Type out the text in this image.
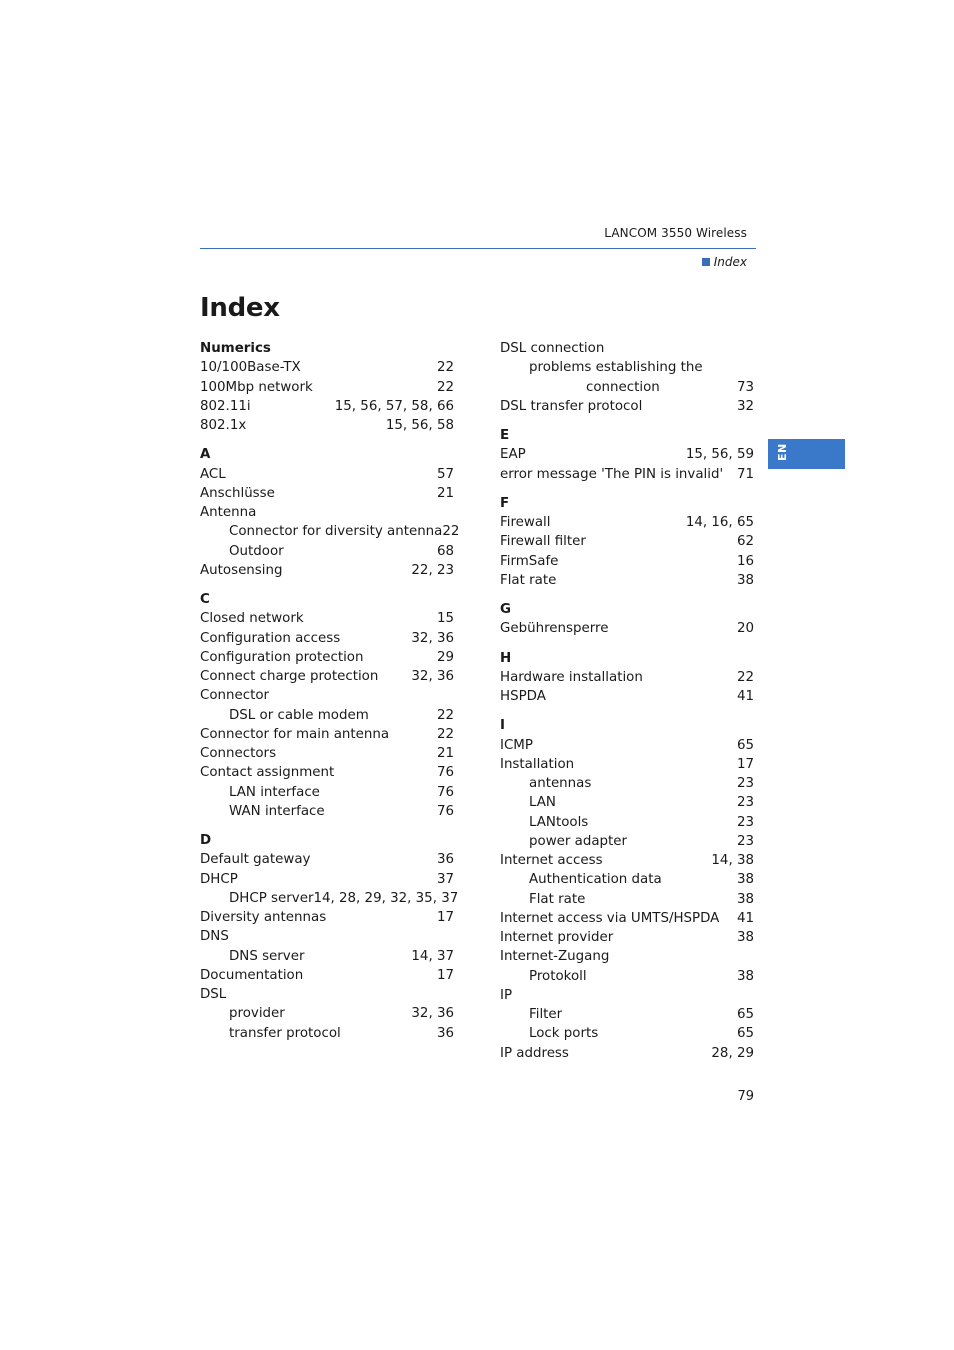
LANCOM 3550 Wireless
Index
Index
EN
Numerics
10/100Base-TX	22
100Mbp network	22
802.11i	15, 56, 57, 58, 66
802.1x	15, 56, 58
A
ACL	57
Anschlüsse	21
Antenna
Connector for diversity antenna 22
Outdoor	68
Autosensing	22, 23
C
Closed network	15
Configuration access	32, 36
Configuration protection	29
Connect charge protection 32, 36
Connector
DSL or cable modem	22
Connector for main antenna	22
Connectors	21
Contact assignment	76
LAN interface	76
WAN interface	76
D
Default gateway	36
DHCP	37
DHCP server 14, 28, 29, 32, 35, 37
Diversity antennas	17
DNS
DNS server	14, 37
Documentation	17
DSL
provider	32, 36
transfer protocol	36
DSL connection
problems establishing the
connection	73
DSL transfer protocol	32
E
EAP	15, 56, 59
error message 'The PIN is invalid' 71
F
Firewall	14, 16, 65
Firewall filter	62
FirmSafe	16
Flat rate	38
G
Gebührensperre	20
H
Hardware installation	22
HSPDA	41
I
ICMP	65
Installation	17
antennas	23
LAN	23
LANtools	23
power adapter	23
Internet access	14, 38
Authentication data	38
Flat rate	38
Internet access via UMTS/HSPDA 41
Internet provider	38
Internet-Zugang
Protokoll	38
IP
Filter	65
Lock ports	65
IP address	28, 29
79
